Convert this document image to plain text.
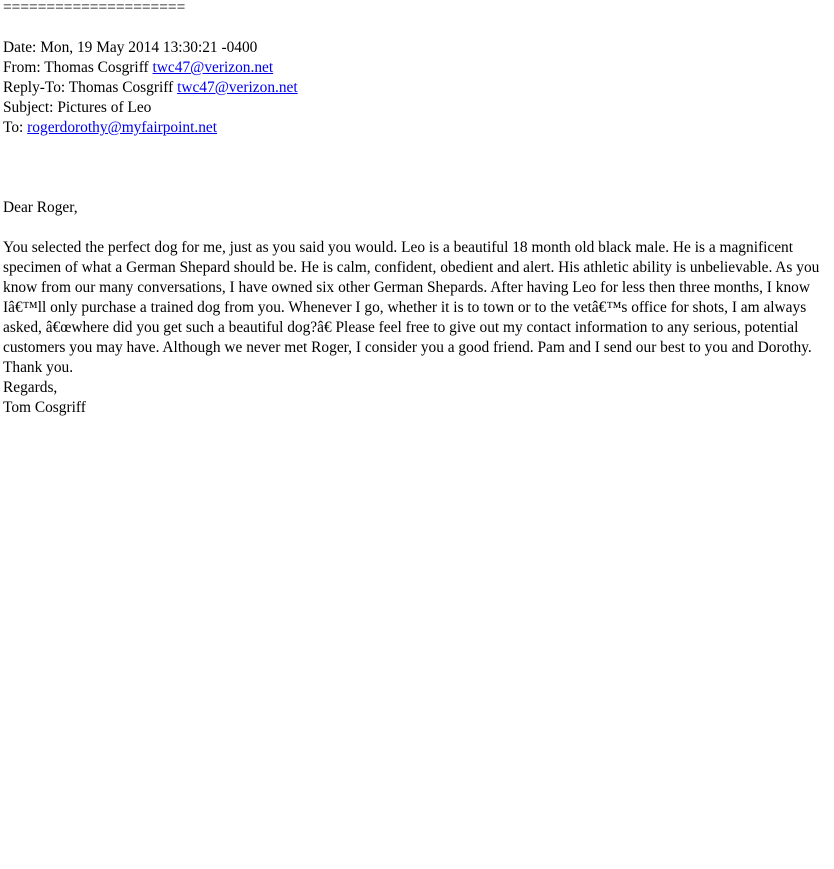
=====================
Date: Mon, 19 May 2014 13:30:21 -0400
From: Thomas Cosgriff twc47@verizon.net
Reply-To: Thomas Cosgriff twc47@verizon.net
Subject: Pictures of Leo
To: rogerdorothy@myfairpoint.net
Dear Roger,

You selected the perfect dog for me, just as you said you would. Leo is a beautiful 18 month old black male. He is a magnificent specimen of what a German Shepard should be. He is calm, confident, obedient and alert. His athletic ability is unbelievable. As you know from our many conversations, I have owned six other German Shepards. After having Leo for less then three months, I know Iâ€™ll only purchase a trained dog from you. Whenever I go, whether it is to town or to the vetâ€™s office for shots, I am always asked, â€œwhere did you get such a beautiful dog?â€ Please feel free to give out my contact information to any serious, potential customers you may have. Although we never met Roger, I consider you a good friend. Pam and I send our best to you and Dorothy.

Thank you.
Regards,
Tom Cosgriff
